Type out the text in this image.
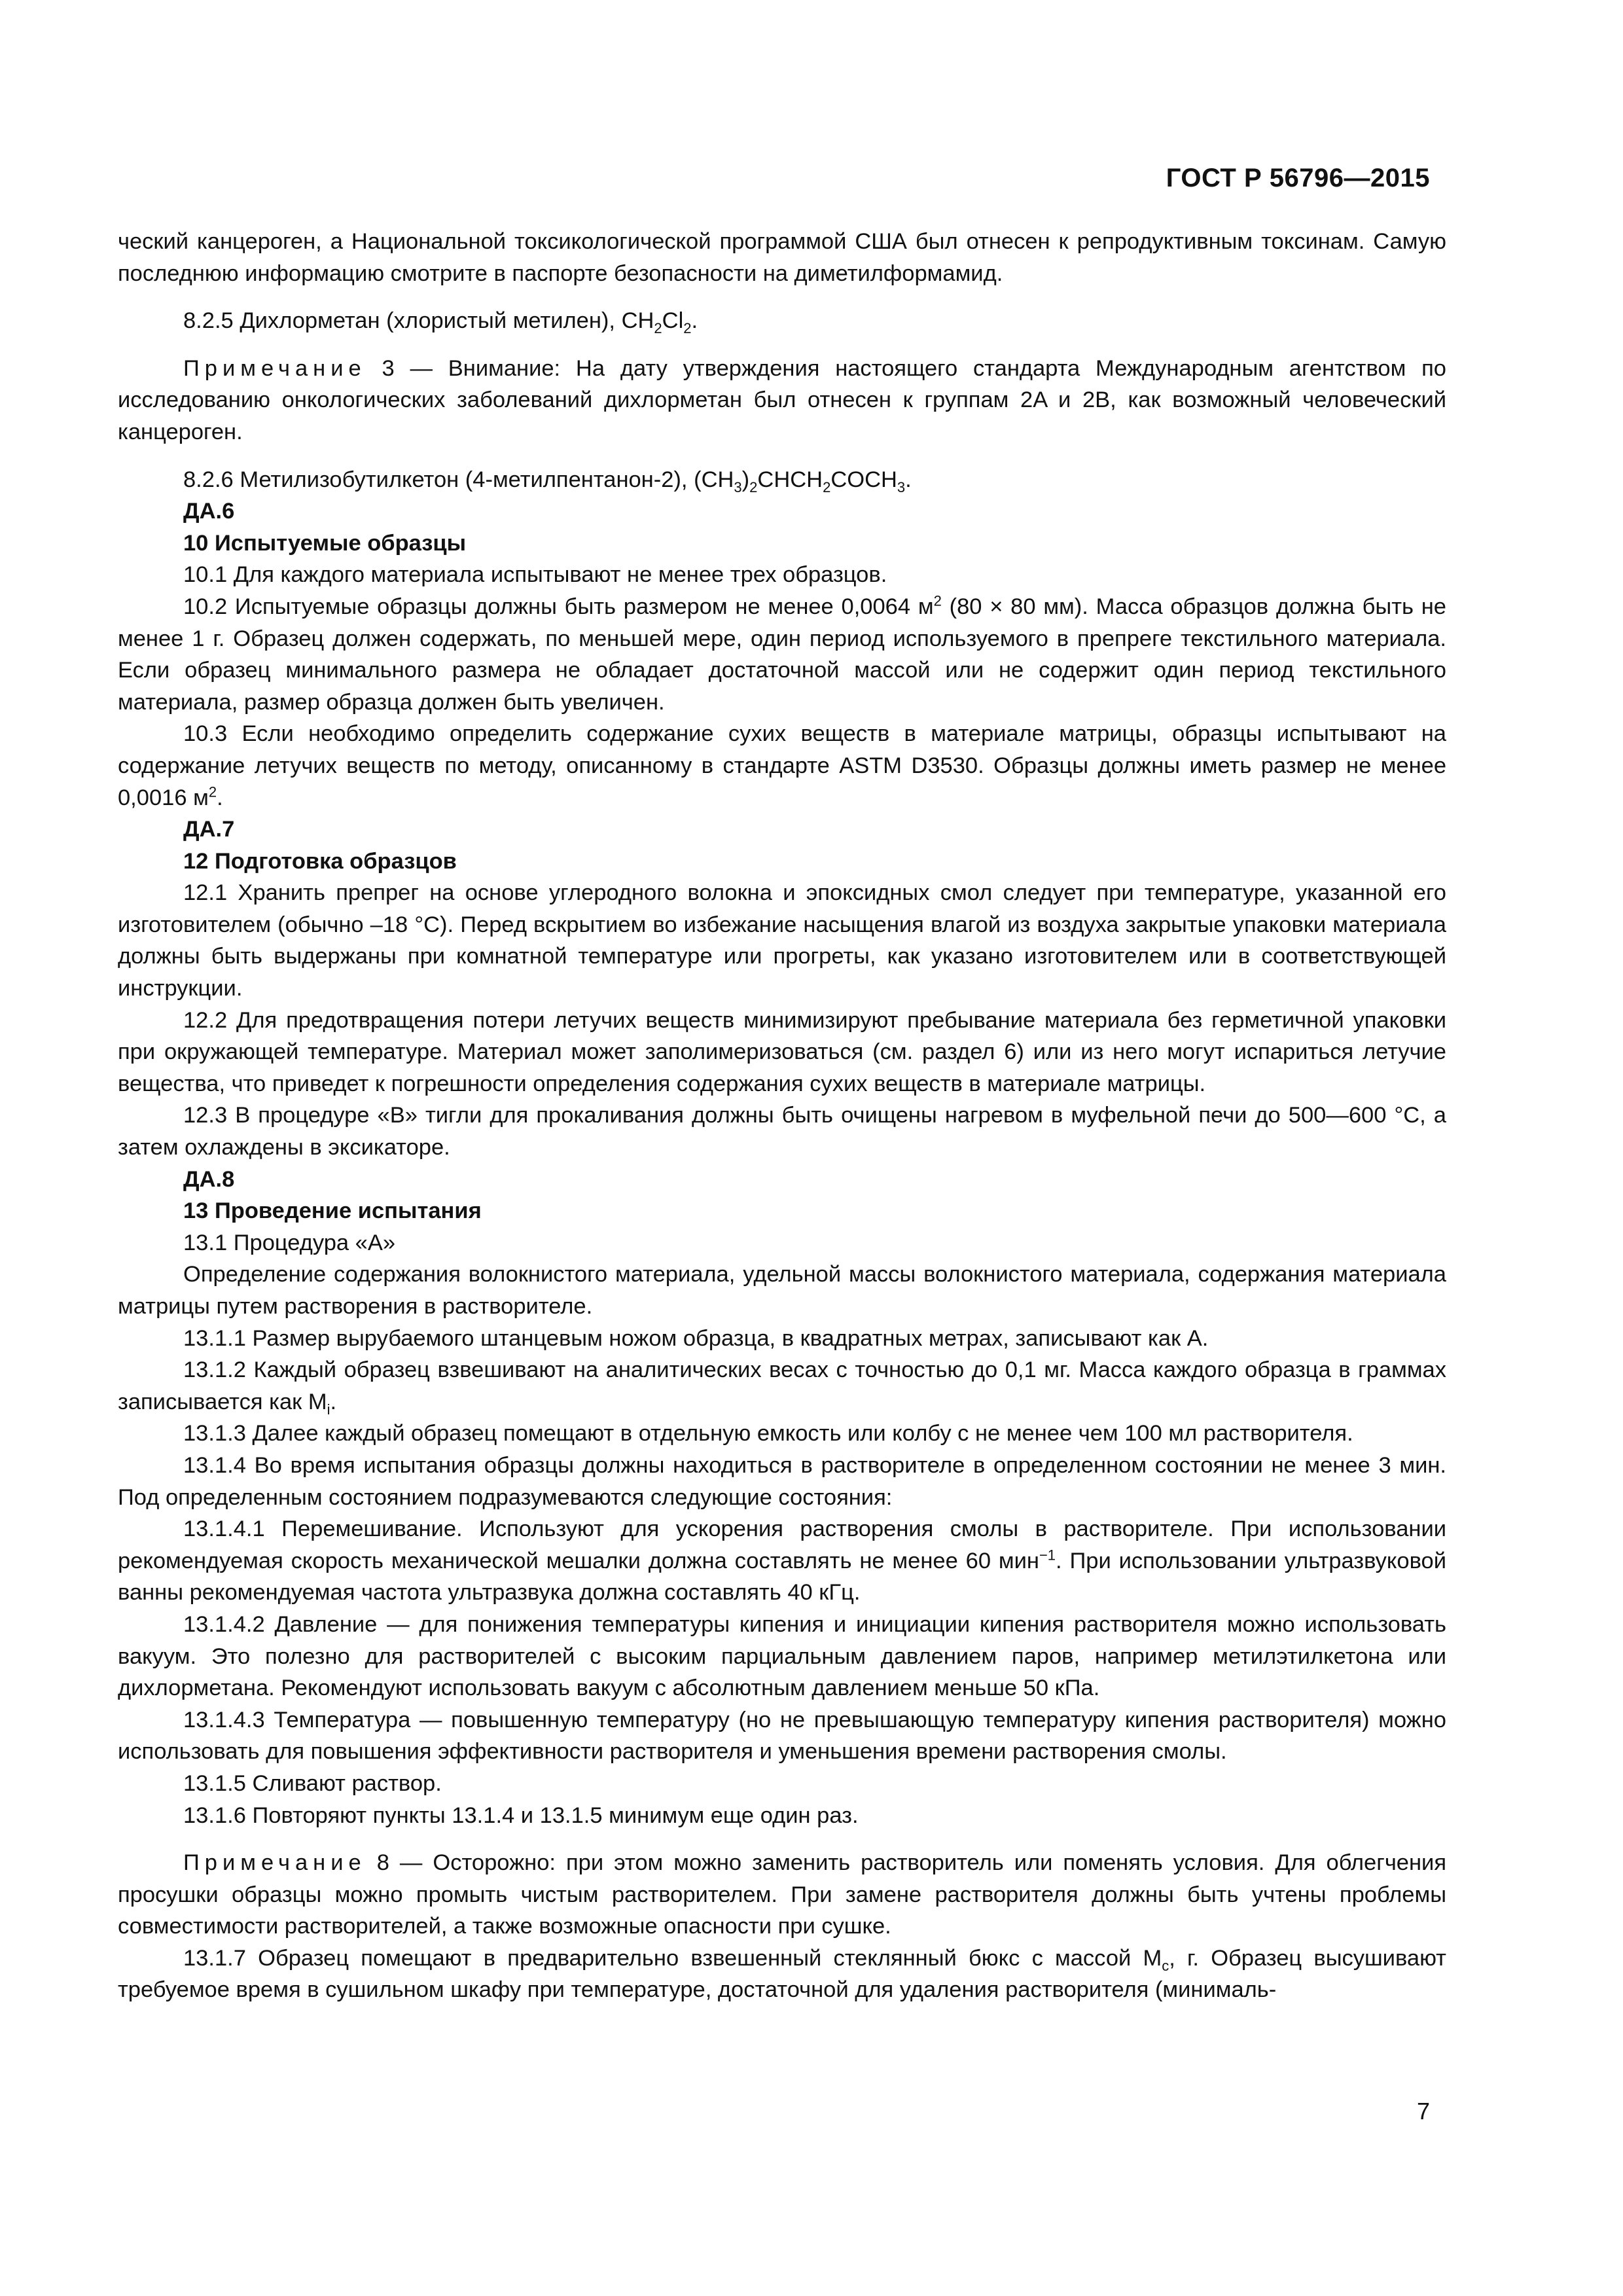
ГОСТ Р 56796—2015

ческий канцероген, а Национальной токсикологической программой США был отнесен к репродуктивным токсинам. Самую последнюю информацию смотрите в паспорте безопасности на диметилформамид.

8.2.5 Дихлорметан (хлористый метилен), $CH_2Cl_2$.

Примечание 3 — Внимание: На дату утверждения настоящего стандарта Международным агентством по исследованию онкологических заболеваний дихлорметан был отнесен к группам 2A и 2B, как возможный человеческий канцероген.

8.2.6 Метилизобутилкетон (4-метилпентанон-2), $(CH_3)_2CHCH_2COCH_3$.

ДА.6

10 Испытуемые образцы

10.1 Для каждого материала испытывают не менее трех образцов.

10.2 Испытуемые образцы должны быть размером не менее 0,0064 $м^2$ (80 × 80 мм). Масса образцов должна быть не менее 1 г. Образец должен содержать, по меньшей мере, один период используемого в препреге текстильного материала. Если образец минимального размера не обладает достаточной массой или не содержит один период текстильного материала, размер образца должен быть увеличен.

10.3 Если необходимо определить содержание сухих веществ в материале матрицы, образцы испытывают на содержание летучих веществ по методу, описанному в стандарте ASTM D3530. Образцы должны иметь размер не менее 0,0016 $м^2$.

ДА.7

12 Подготовка образцов

12.1 Хранить препрег на основе углеродного волокна и эпоксидных смол следует при температуре, указанной его изготовителем (обычно –18 °C). Перед вскрытием во избежание насыщения влагой из воздуха закрытые упаковки материала должны быть выдержаны при комнатной температуре или прогреты, как указано изготовителем или в соответствующей инструкции.

12.2 Для предотвращения потери летучих веществ минимизируют пребывание материала без герметичной упаковки при окружающей температуре. Материал может заполимеризоваться (см. раздел 6) или из него могут испариться летучие вещества, что приведет к погрешности определения содержания сухих веществ в материале матрицы.

12.3 В процедуре «В» тигли для прокаливания должны быть очищены нагревом в муфельной печи до 500—600 °C, а затем охлаждены в эксикаторе.

ДА.8

13 Проведение испытания

13.1 Процедура «А»

Определение содержания волокнистого материала, удельной массы волокнистого материала, содержания материала матрицы путем растворения в растворителе.

13.1.1 Размер вырубаемого штанцевым ножом образца, в квадратных метрах, записывают как А.

13.1.2 Каждый образец взвешивают на аналитических весах с точностью до 0,1 мг. Масса каждого образца в граммах записывается как $M_i$.

13.1.3 Далее каждый образец помещают в отдельную емкость или колбу с не менее чем 100 мл растворителя.

13.1.4 Во время испытания образцы должны находиться в растворителе в определенном состоянии не менее 3 мин. Под определенным состоянием подразумеваются следующие состояния:

13.1.4.1 Перемешивание. Используют для ускорения растворения смолы в растворителе. При использовании рекомендуемая скорость механической мешалки должна составлять не менее 60 мин$^{-1}$. При использовании ультразвуковой ванны рекомендуемая частота ультразвука должна составлять 40 кГц.

13.1.4.2 Давление — для понижения температуры кипения и инициации кипения растворителя можно использовать вакуум. Это полезно для растворителей с высоким парциальным давлением паров, например метилэтилкетона или дихлорметана. Рекомендуют использовать вакуум с абсолютным давлением меньше 50 кПа.

13.1.4.3 Температура — повышенную температуру (но не превышающую температуру кипения растворителя) можно использовать для повышения эффективности растворителя и уменьшения времени растворения смолы.

13.1.5 Сливают раствор.

13.1.6 Повторяют пункты 13.1.4 и 13.1.5 минимум еще один раз.

Примечание 8 — Осторожно: при этом можно заменить растворитель или поменять условия. Для облегчения просушки образцы можно промыть чистым растворителем. При замене растворителя должны быть учтены проблемы совместимости растворителей, а также возможные опасности при сушке.

13.1.7 Образец помещают в предварительно взвешенный стеклянный бюкс с массой $M_c$, г. Образец высушивают требуемое время в сушильном шкафу при температуре, достаточной для удаления растворителя (минималь-

7
